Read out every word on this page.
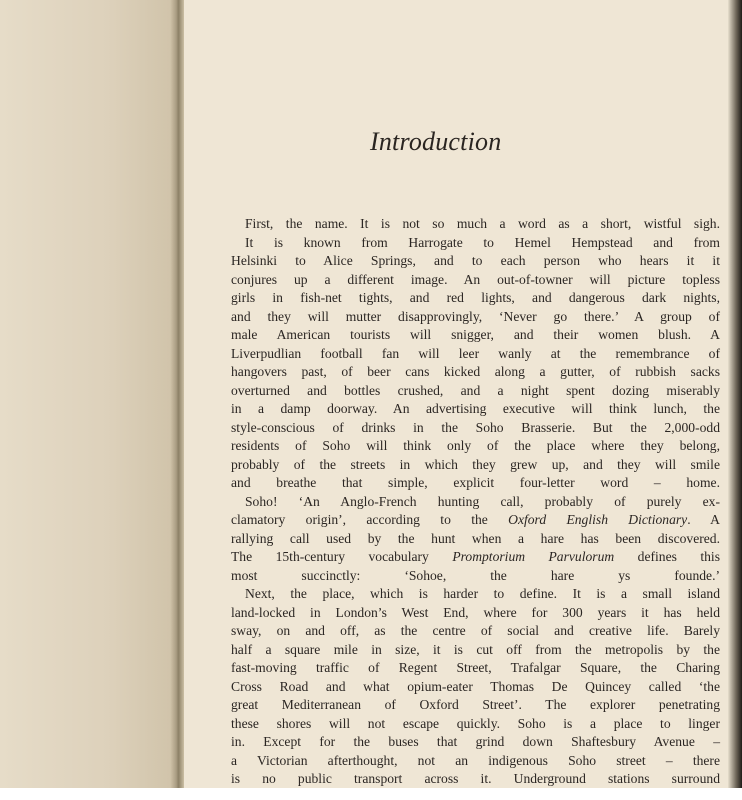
Introduction

First, the name. It is not so much a word as a short, wistful sigh.

It is known from Harrogate to Hemel Hempstead and from
Helsinki to Alice Springs, and to each person who hears it it
conjures up a different image. An out-of-towner will picture topless
girls in fish-net tights, and red lights, and dangerous dark nights,
and they will mutter disapprovingly, ‘Never go there.’ A group of
male American tourists will snigger, and their women blush. A
Liverpudlian football fan will leer wanly at the remembrance of
hangovers past, of beer cans kicked along a gutter, of rubbish sacks
overturned and bottles crushed, and a night spent dozing miserably
in a damp doorway. An advertising executive will think lunch, the
style-conscious of drinks in the Soho Brasserie. But the 2,000-odd
residents of Soho will think only of the place where they belong,
probably of the streets in which they grew up, and they will smile
and breathe that simple, explicit four-letter word – home.

Soho! ‘An Anglo-French hunting call, probably of purely ex-
clamatory origin’, according to the Oxford English Dictionary. A
rallying call used by the hunt when a hare has been discovered.
The 15th-century vocabulary Promptorium Parvulorum defines this
most succinctly: ‘Sohoe, the hare ys founde.’

Next, the place, which is harder to define. It is a small island
land-locked in London’s West End, where for 300 years it has held
sway, on and off, as the centre of social and creative life. Barely
half a square mile in size, it is cut off from the metropolis by the
fast-moving traffic of Regent Street, Trafalgar Square, the Charing
Cross Road and what opium-eater Thomas De Quincey called ‘the
great Mediterranean of Oxford Street’. The explorer penetrating
these shores will not escape quickly. Soho is a place to linger
in. Except for the buses that grind down Shaftesbury Avenue –
a Victorian afterthought, not an indigenous Soho street – there
is no public transport across it. Underground stations surround
